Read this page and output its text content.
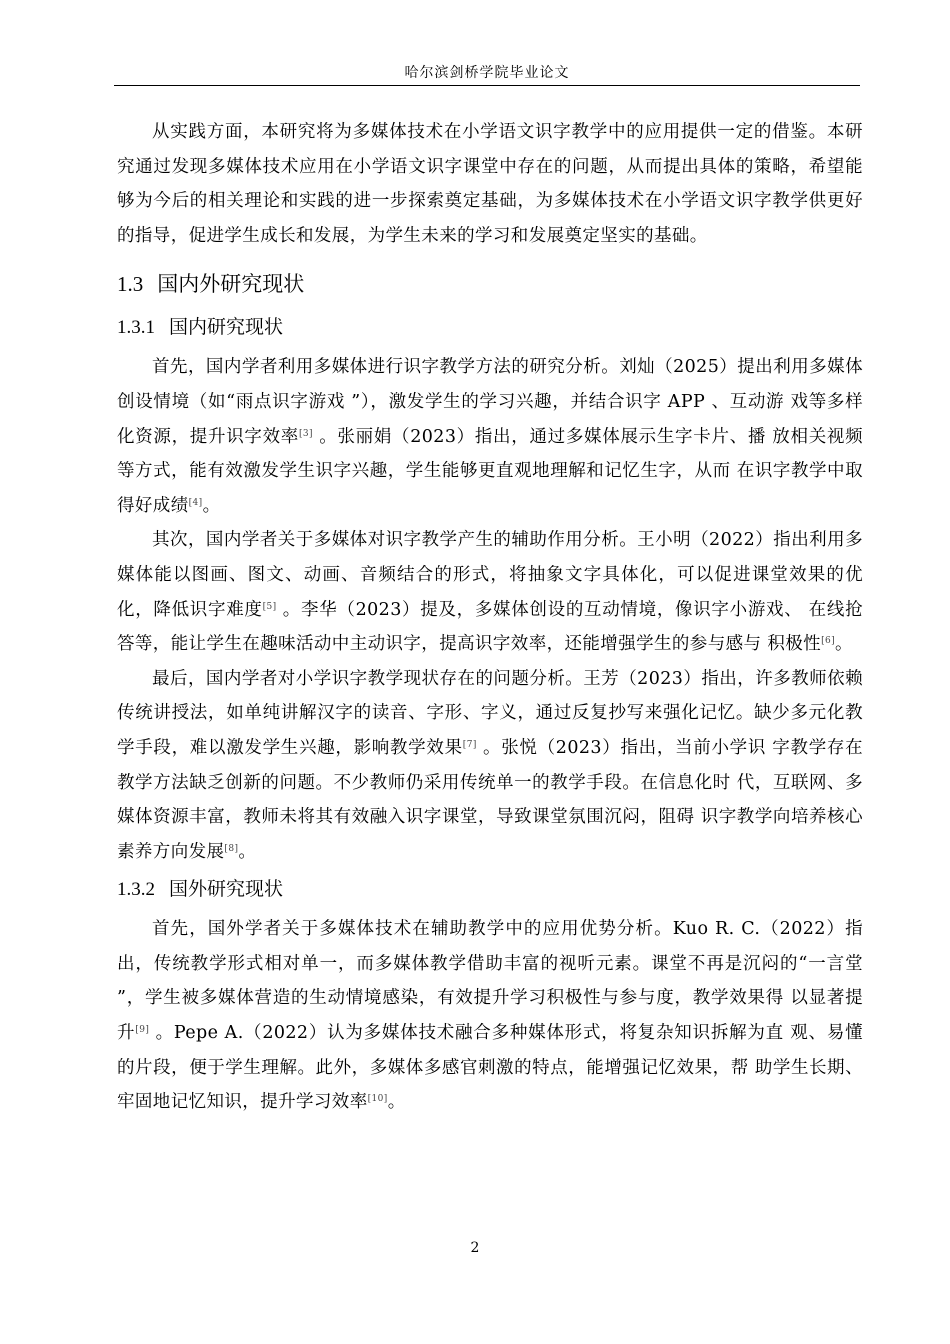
哈尔滨剑桥学院毕业论文

从实践方面，本研究将为多媒体技术在小学语文识字教学中的应用提供一定的借鉴。本研究通过发现多媒体技术应用在小学语文识字课堂中存在的问题，从而提出具体的策略，希望能够为今后的相关理论和实践的进一步探索奠定基础，为多媒体技术在小学语文识字教学供更好的指导，促进学生成长和发展，为学生未来的学习和发展奠定坚实的基础。

1.3 国内外研究现状
1.3.1 国内研究现状

首先，国内学者利用多媒体进行识字教学方法的研究分析。刘灿（2025）提出利用多媒体创设情境（如“雨点识字游戏 ”），激发学生的学习兴趣，并结合识字 APP 、互动游 戏等多样化资源，提升识字效率[3] 。张丽娟（2023）指出，通过多媒体展示生字卡片、播 放相关视频等方式，能有效激发学生识字兴趣，学生能够更直观地理解和记忆生字，从而 在识字教学中取得好成绩[4]。

其次，国内学者关于多媒体对识字教学产生的辅助作用分析。王小明（2022）指出利用多媒体能以图画、图文、动画、音频结合的形式，将抽象文字具体化，可以促进课堂效果的优化，降低识字难度[5] 。李华（2023）提及，多媒体创设的互动情境，像识字小游戏、 在线抢答等，能让学生在趣味活动中主动识字，提高识字效率，还能增强学生的参与感与 积极性[6]。

最后，国内学者对小学识字教学现状存在的问题分析。王芳（2023）指出，许多教师依赖传统讲授法，如单纯讲解汉字的读音、字形、字义，通过反复抄写来强化记忆。缺少多元化教学手段，难以激发学生兴趣，影响教学效果[7] 。张悦（2023）指出，当前小学识 字教学存在教学方法缺乏创新的问题。不少教师仍采用传统单一的教学手段。在信息化时 代，互联网、多媒体资源丰富，教师未将其有效融入识字课堂，导致课堂氛围沉闷，阻碍 识字教学向培养核心素养方向发展[8]。

1.3.2 国外研究现状

首先，国外学者关于多媒体技术在辅助教学中的应用优势分析。Kuo R. C.（2022）指出，传统教学形式相对单一，而多媒体教学借助丰富的视听元素。课堂不再是沉闷的“一言堂 ”，学生被多媒体营造的生动情境感染，有效提升学习积极性与参与度，教学效果得 以显著提升[9] 。Pepe A.（2022）认为多媒体技术融合多种媒体形式，将复杂知识拆解为直 观、易懂的片段，便于学生理解。此外，多媒体多感官刺激的特点，能增强记忆效果，帮 助学生长期、牢固地记忆知识，提升学习效率[10]。

2
